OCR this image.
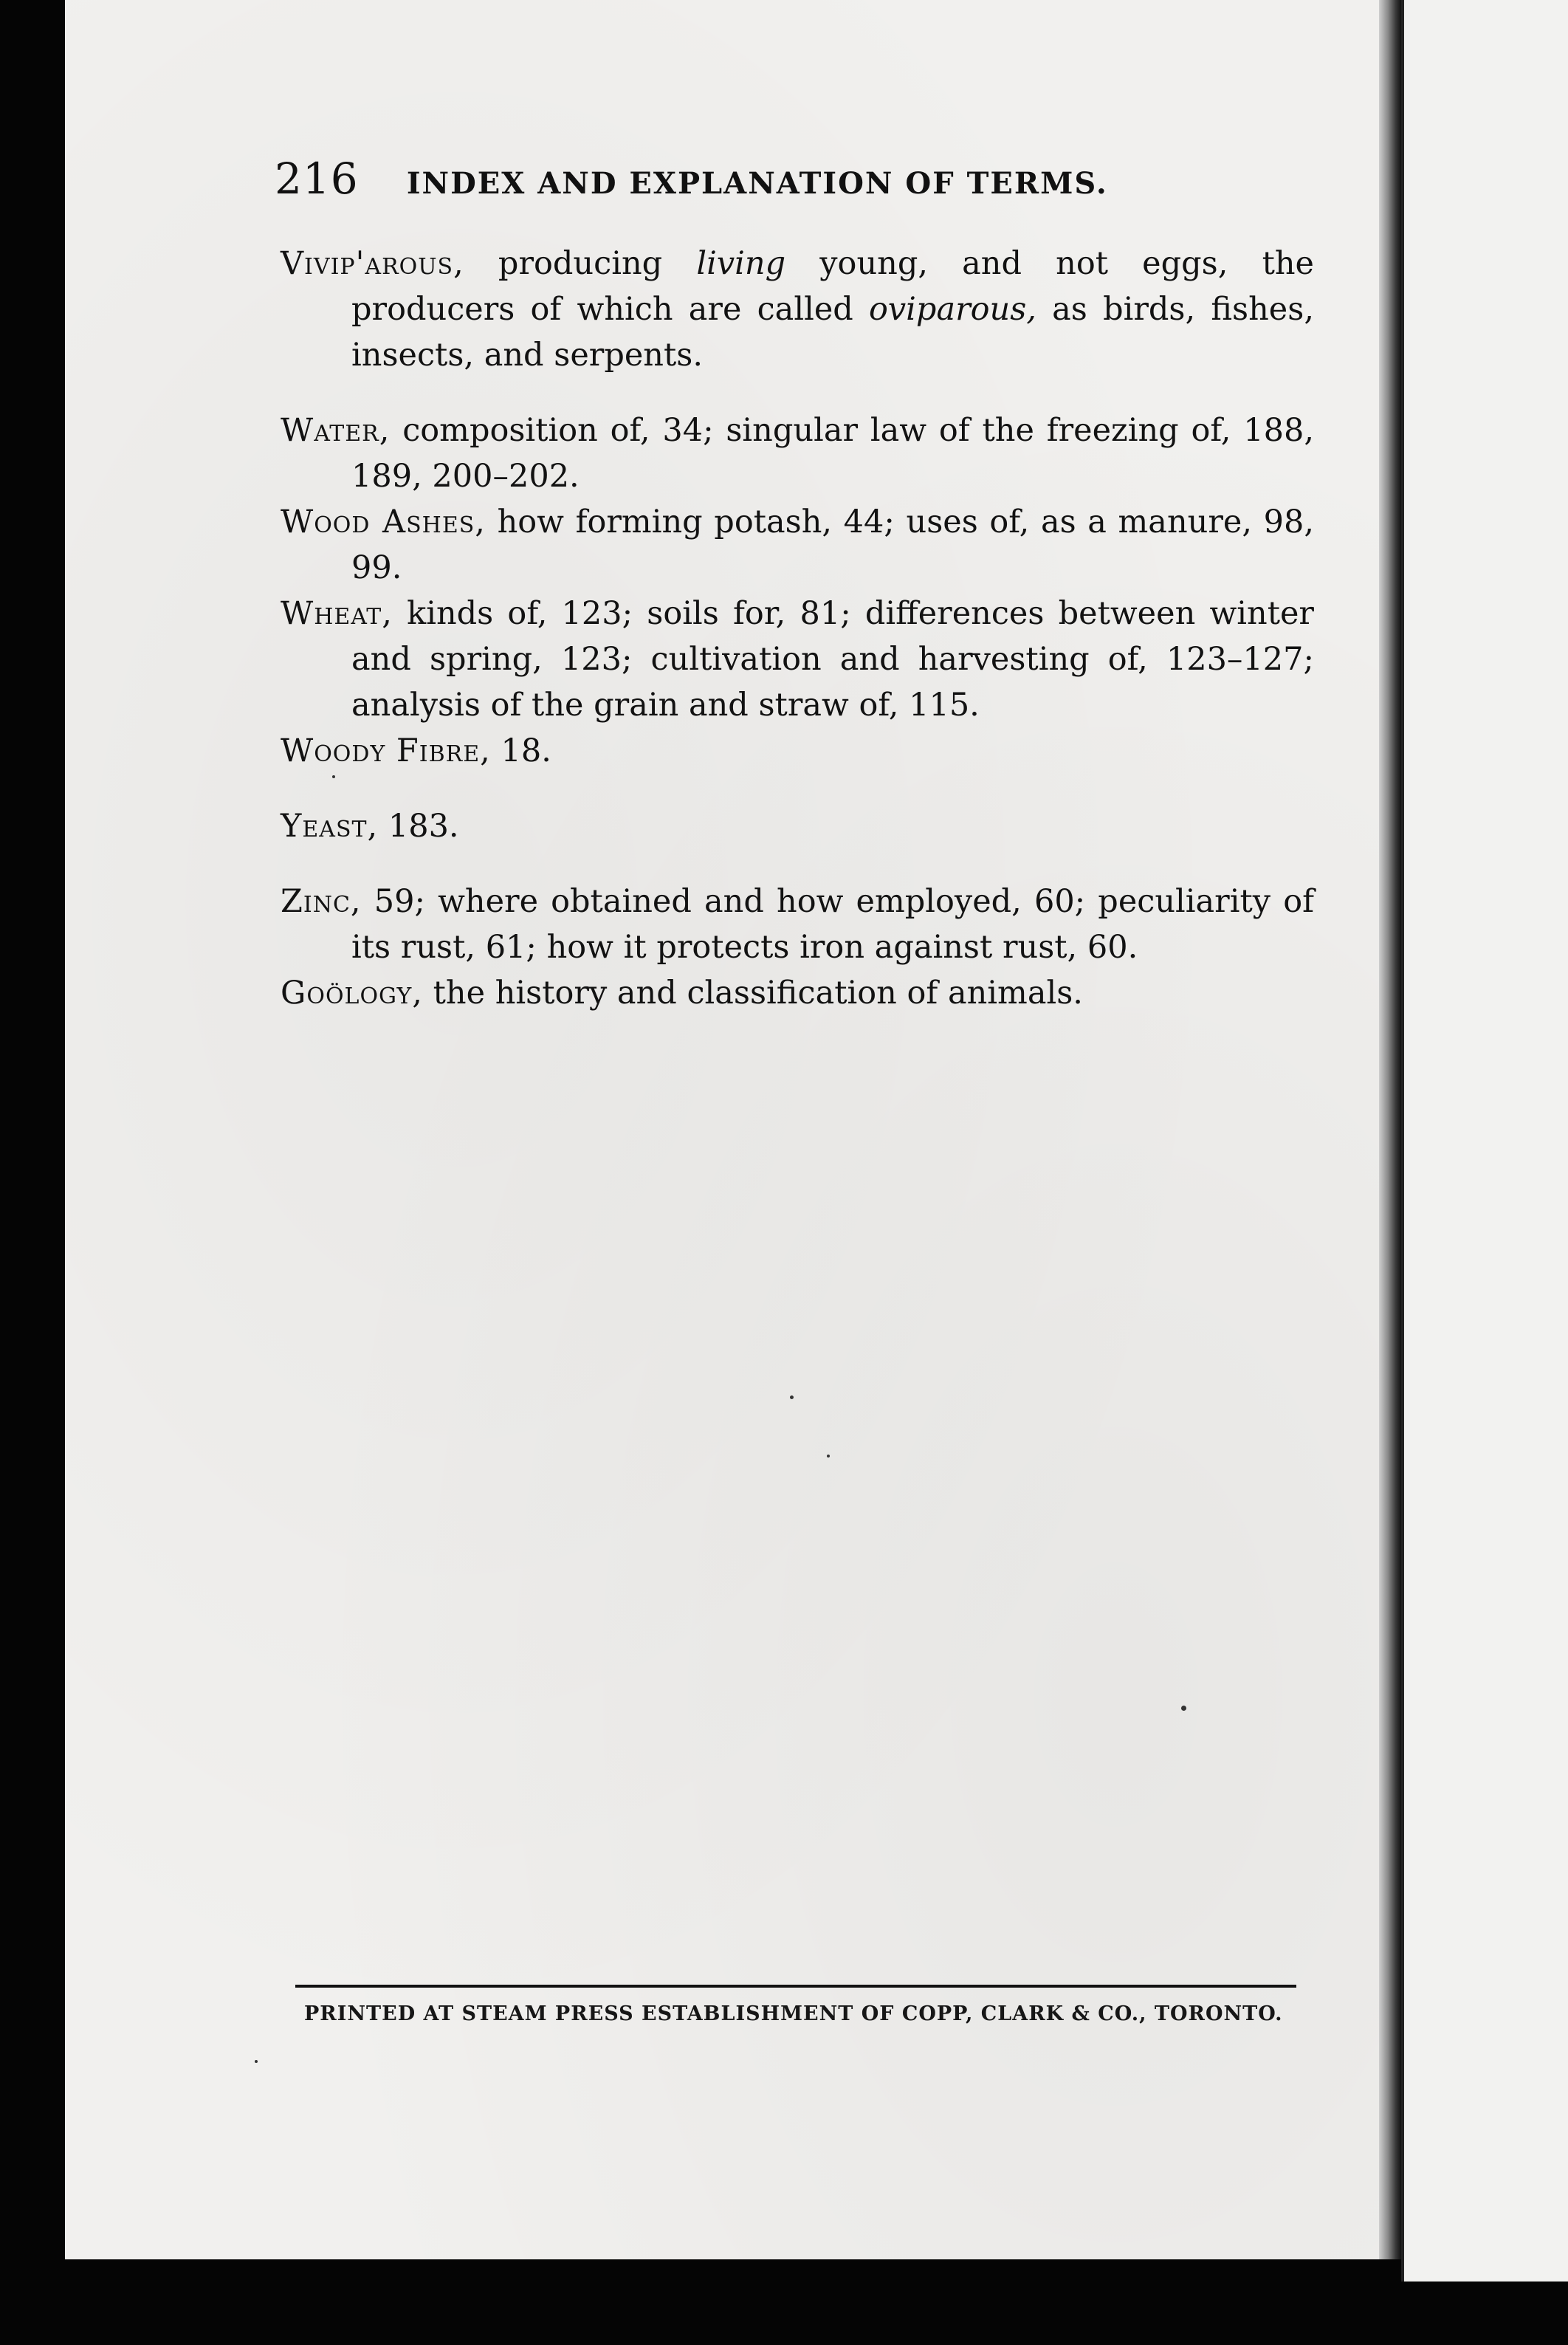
216 INDEX AND EXPLANATION OF TERMS.

Vivip'arous, producing living young, and not eggs, the producers of which are called oviparous, as birds, fishes, insects, and serpents.

Water, composition of, 34; singular law of the freezing of, 188, 189, 200–202.

Wood Ashes, how forming potash, 44; uses of, as a manure, 98, 99.

Wheat, kinds of, 123; soils for, 81; differences between winter and spring, 123; cultivation and harvesting of, 123–127; analysis of the grain and straw of, 115.

Woody Fibre, 18.

Yeast, 183.

Zinc, 59; where obtained and how employed, 60; peculiarity of its rust, 61; how it protects iron against rust, 60.

Goölogy, the history and classification of animals.

PRINTED AT STEAM PRESS ESTABLISHMENT OF COPP, CLARK & CO., TORONTO.
